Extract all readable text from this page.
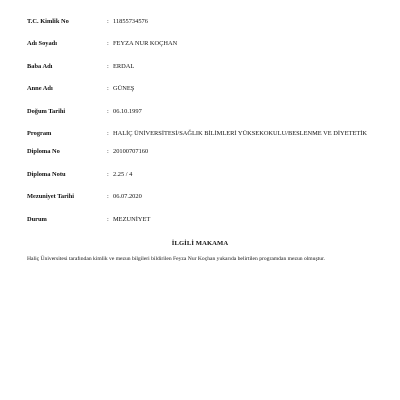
T.C. Kimlik No	: 11855734576
Adı Soyadı	: FEYZA NUR KOÇHAN
Baba Adı	: ERDAL
Anne Adı	: GÜNEŞ
Doğum Tarihi	: 06.10.1997
Program	: HALİÇ ÜNİVERSİTESİ/SAĞLIK BİLİMLERİ YÜKSEKOKULU/BESLENME VE DİYETETİK
Diploma No	: 20100707160
Diploma Notu	: 2.25 / 4
Mezuniyet Tarihi	: 06.07.2020
Durum	: MEZUNİYET
İLGİLİ MAKAMA
Haliç Üniversitesi tarafından kimlik ve mezun bilgileri bildirilen Feyza Nur Koçhan yukarıda belirtilen programdan mezun olmuştur.
